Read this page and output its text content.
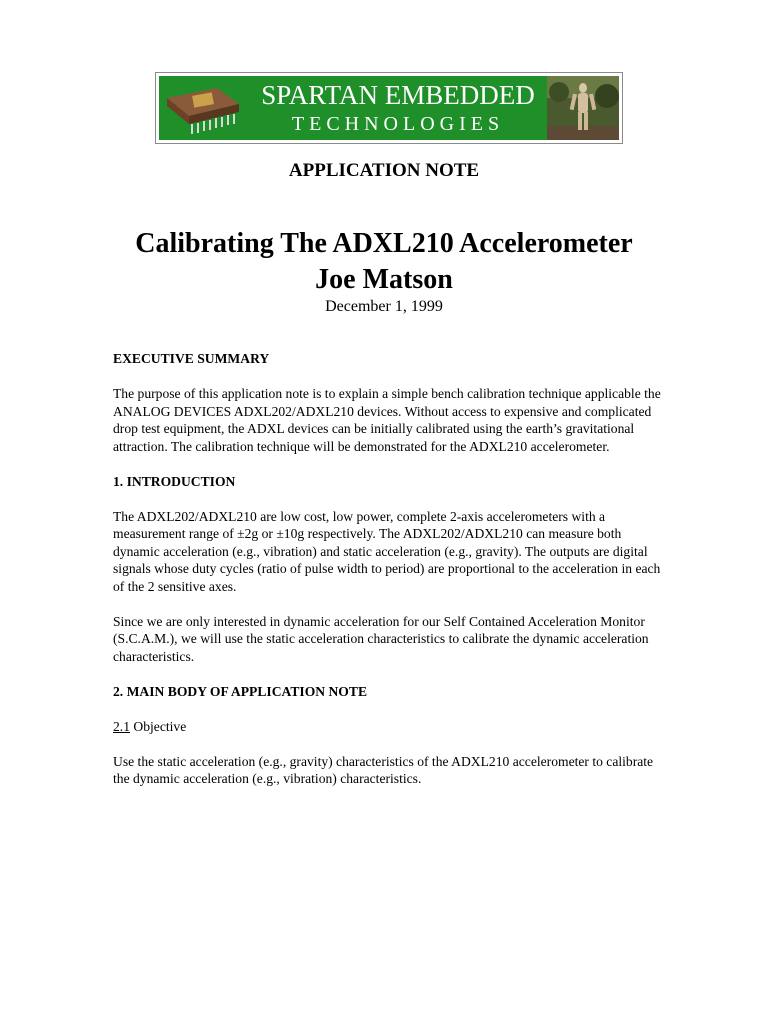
SPARTAN EMBEDDED
TECHNOLOGIES
APPLICATION NOTE
Calibrating The ADXL210 Accelerometer
Joe Matson
December 1, 1999
EXECUTIVE SUMMARY

The purpose of this application note is to explain a simple bench calibration technique applicable the ANALOG DEVICES ADXL202/ADXL210 devices. Without access to expensive and complicated drop test equipment, the ADXL devices can be initially calibrated using the earth’s gravitational attraction. The calibration technique will be demonstrated for the ADXL210 accelerometer.

1. INTRODUCTION

The ADXL202/ADXL210 are low cost, low power, complete 2-axis accelerometers with a measurement range of ±2g or ±10g respectively. The ADXL202/ADXL210 can measure both dynamic acceleration (e.g., vibration) and static acceleration (e.g., gravity). The outputs are digital signals whose duty cycles (ratio of pulse width to period) are proportional to the acceleration in each of the 2 sensitive axes.

Since we are only interested in dynamic acceleration for our Self Contained Acceleration Monitor (S.C.A.M.), we will use the static acceleration characteristics to calibrate the dynamic acceleration characteristics.

2. MAIN BODY OF APPLICATION NOTE

2.1 Objective

Use the static acceleration (e.g., gravity) characteristics of the ADXL210 accelerometer to calibrate the dynamic acceleration (e.g., vibration) characteristics.
